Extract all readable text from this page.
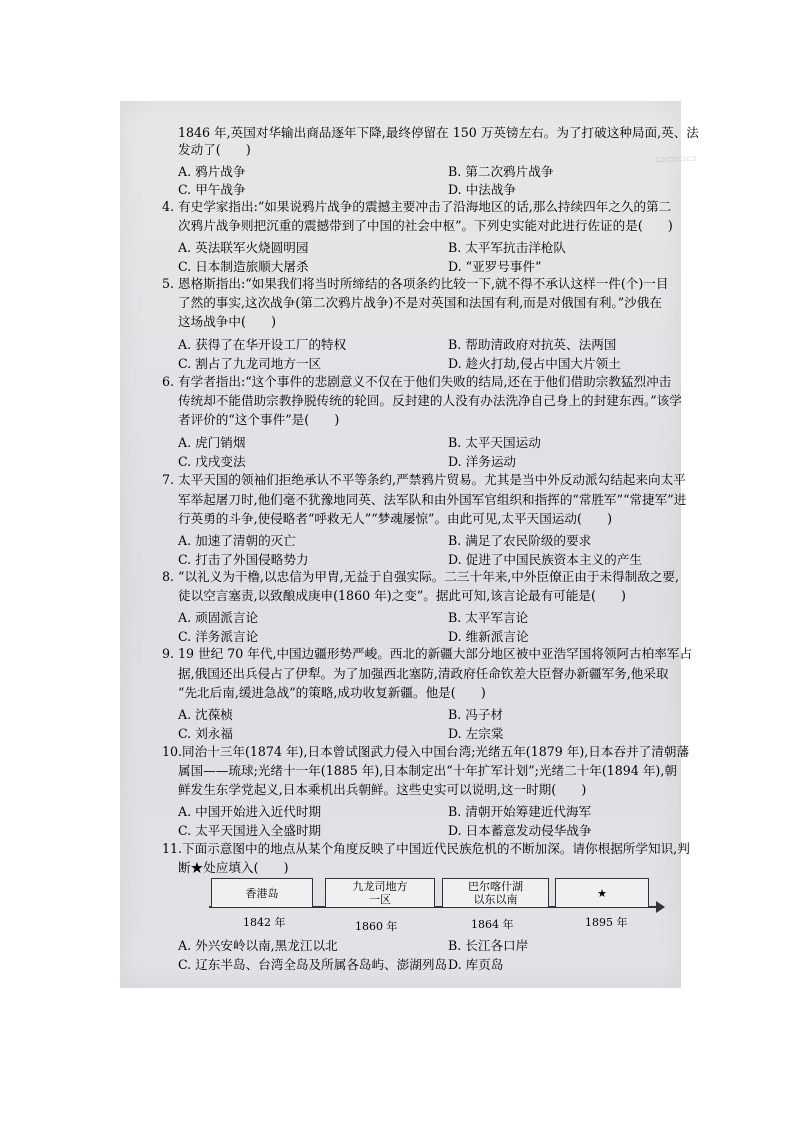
▭▭▭▭
1846 年,英国对华输出商品逐年下降,最终停留在 150 万英镑左右。为了打破这种局面,英、法
发动了(　　)
A. 鸦片战争	B. 第二次鸦片战争
C. 甲午战争	D. 中法战争
4. 有史学家指出:“如果说鸦片战争的震撼主要冲击了沿海地区的话,那么持续四年之久的第二
次鸦片战争则把沉重的震撼带到了中国的社会中枢”。下列史实能对此进行佐证的是(　　)
A. 英法联军火烧圆明园	B. 太平军抗击洋枪队
C. 日本制造旅顺大屠杀	D. “亚罗号事件”
5. 恩格斯指出:“如果我们将当时所缔结的各项条约比较一下,就不得不承认这样一件(个)一目
了然的事实,这次战争(第二次鸦片战争)不是对英国和法国有利,而是对俄国有利。”沙俄在
这场战争中(　　)
A. 获得了在华开设工厂的特权	B. 帮助清政府对抗英、法两国
C. 割占了九龙司地方一区	D. 趁火打劫,侵占中国大片领土
6. 有学者指出:“这个事件的悲剧意义不仅在于他们失败的结局,还在于他们借助宗教猛烈冲击
传统却不能借助宗教挣脱传统的轮回。反封建的人没有办法洗净自己身上的封建东西。”该学
者评价的“这个事件”是(　　)
A. 虎门销烟	B. 太平天国运动
C. 戊戌变法	D. 洋务运动
7. 太平天国的领袖们拒绝承认不平等条约,严禁鸦片贸易。尤其是当中外反动派勾结起来向太平
军举起屠刀时,他们毫不犹豫地同英、法军队和由外国军官组织和指挥的“常胜军”“常捷军”进
行英勇的斗争,使侵略者“呼救无人”“梦魂屡惊”。由此可见,太平天国运动(　　)
A. 加速了清朝的灭亡	B. 满足了农民阶级的要求
C. 打击了外国侵略势力	D. 促进了中国民族资本主义的产生
8. “以礼义为干橹,以忠信为甲胄,无益于自强实际。二三十年来,中外臣僚正由于未得制敌之要,
徒以空言塞责,以致酿成庚申(1860 年)之变”。据此可知,该言论最有可能是(　　)
A. 顽固派言论	B. 太平军言论
C. 洋务派言论	D. 维新派言论
9. 19 世纪 70 年代,中国边疆形势严峻。西北的新疆大部分地区被中亚浩罕国将领阿古柏率军占
据,俄国还出兵侵占了伊犁。为了加强西北塞防,清政府任命钦差大臣督办新疆军务,他采取
“先北后南,缓进急战”的策略,成功收复新疆。他是(　　)
A. 沈葆桢	B. 冯子材
C. 刘永福	D. 左宗棠
10.同治十三年(1874 年),日本曾试图武力侵入中国台湾;光绪五年(1879 年),日本吞并了清朝藩
属国——琉球;光绪十一年(1885 年),日本制定出“十年扩军计划”;光绪二十年(1894 年),朝
鲜发生东学党起义,日本乘机出兵朝鲜。这些史实可以说明,这一时期(　　)
A. 中国开始进入近代时期	B. 清朝开始筹建近代海军
C. 太平天国进入全盛时期	D. 日本蓄意发动侵华战争
11.下面示意图中的地点从某个角度反映了中国近代民族危机的不断加深。请你根据所学知识,判
断★处应填入(　　)
香港岛	九龙司地方
一区
巴尔喀什湖
以东以南	★
1842 年	1860 年	1864 年	1895 年
A. 外兴安岭以南,黑龙江以北	B. 长江各口岸
C. 辽东半岛、台湾全岛及所属各岛屿、澎湖列岛 D. 库页岛
